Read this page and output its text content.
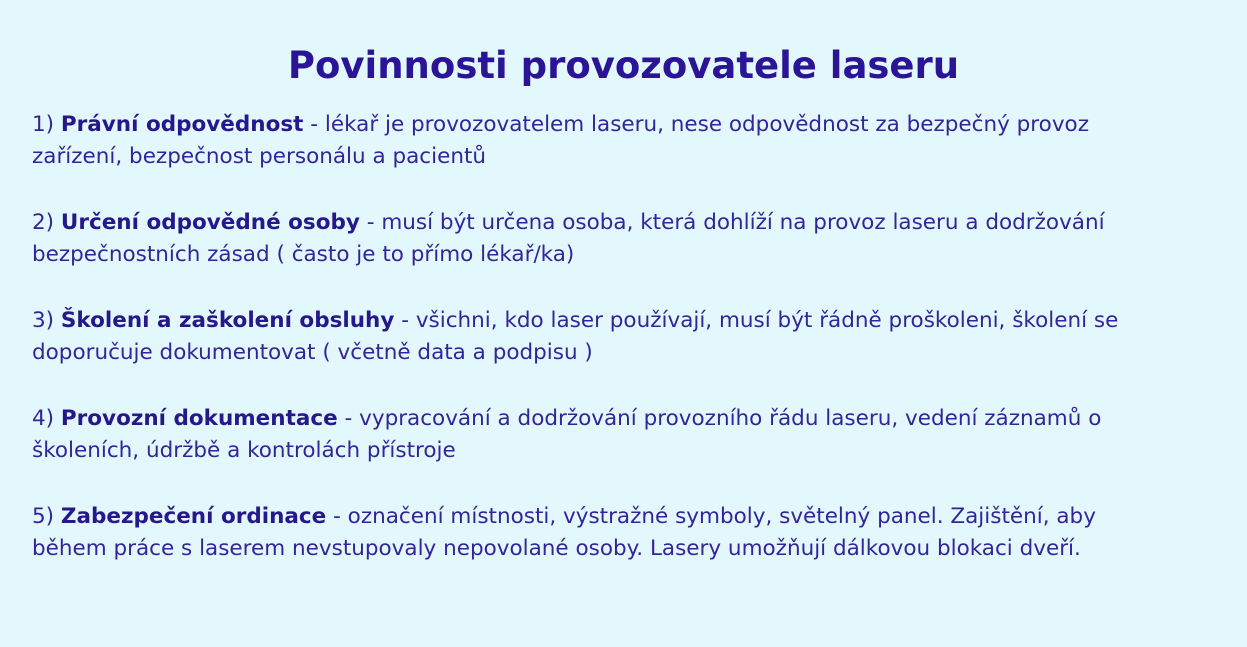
Povinnosti provozovatele laseru
1) Právní odpovědnost - lékař je provozovatelem laseru, nese odpovědnost za bezpečný provoz zařízení, bezpečnost personálu a pacientů
2) Určení odpovědné osoby - musí být určena osoba, která dohlíží na provoz laseru a dodržování bezpečnostních zásad ( často je to přímo lékař/ka)
3) Školení a zaškolení obsluhy - všichni, kdo laser používají, musí být řádně proškoleni, školení se doporučuje dokumentovat ( včetně data a podpisu )
4) Provozní dokumentace - vypracování a dodržování provozního řádu laseru, vedení záznamů o školeních, údržbě a kontrolách přístroje
5) Zabezpečení ordinace - označení místnosti, výstražné symboly, světelný panel. Zajištění, aby během práce s laserem nevstupovaly nepovolané osoby. Lasery umožňují dálkovou blokaci dveří.
